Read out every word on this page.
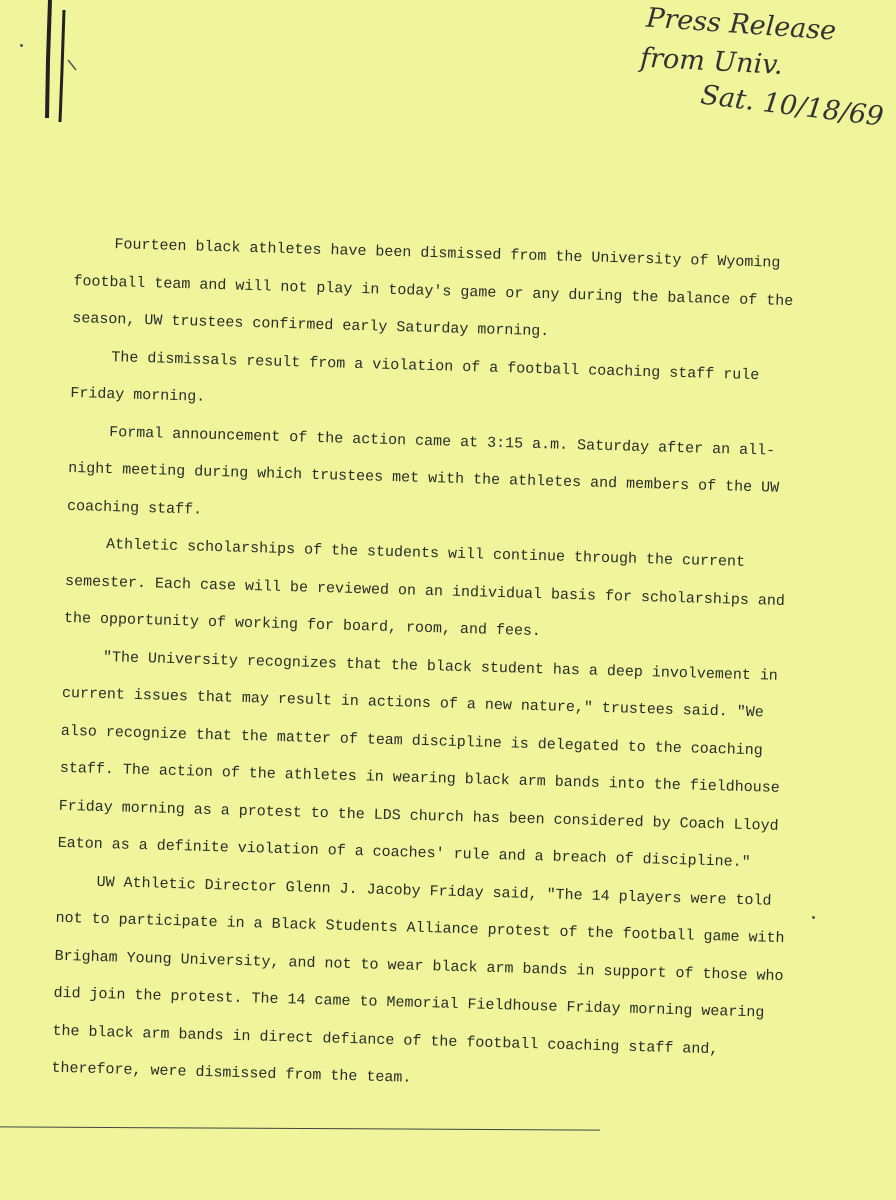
Press Release
from Univ.
Sat. 10/18/69

Fourteen black athletes have been dismissed from the University of Wyoming football team and will not play in today's game or any during the balance of the season, UW trustees confirmed early Saturday morning.

The dismissals result from a violation of a football coaching staff rule Friday morning.

Formal announcement of the action came at 3:15 a.m. Saturday after an all-night meeting during which trustees met with the athletes and members of the UW coaching staff.

Athletic scholarships of the students will continue through the current semester. Each case will be reviewed on an individual basis for scholarships and the opportunity of working for board, room, and fees.

"The University recognizes that the black student has a deep involvement in current issues that may result in actions of a new nature," trustees said. "We also recognize that the matter of team discipline is delegated to the coaching staff. The action of the athletes in wearing black arm bands into the fieldhouse Friday morning as a protest to the LDS church has been considered by Coach Lloyd Eaton as a definite violation of a coaches' rule and a breach of discipline."

UW Athletic Director Glenn J. Jacoby Friday said, "The 14 players were told not to participate in a Black Students Alliance protest of the football game with Brigham Young University, and not to wear black arm bands in support of those who did join the protest. The 14 came to Memorial Fieldhouse Friday morning wearing the black arm bands in direct defiance of the football coaching staff and, therefore, were dismissed from the team.
